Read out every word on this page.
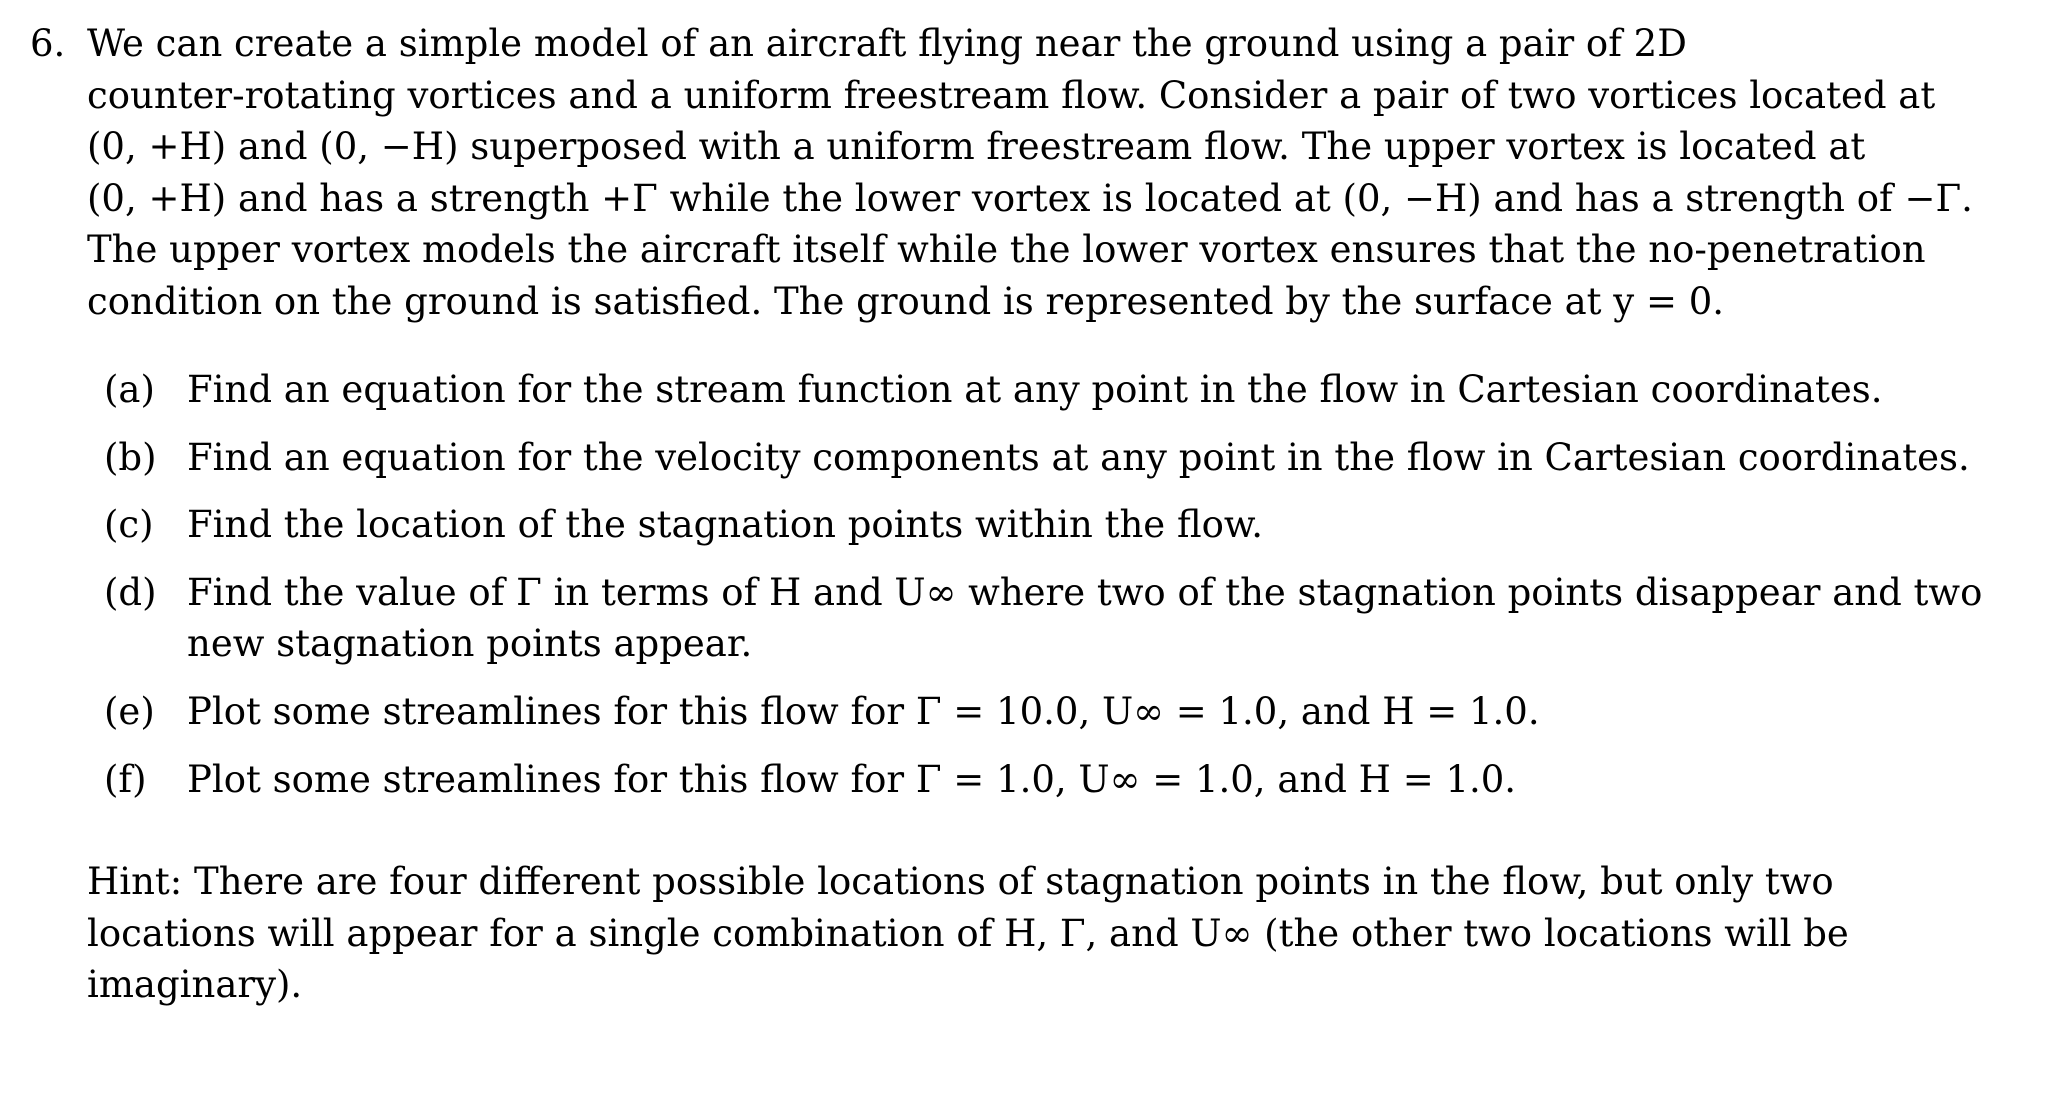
6. We can create a simple model of an aircraft flying near the ground using a pair of 2D
counter-rotating vortices and a uniform freestream flow. Consider a pair of two vortices located at
(0, +H) and (0, −H) superposed with a uniform freestream flow. The upper vortex is located at
(0, +H) and has a strength +Γ while the lower vortex is located at (0, −H) and has a strength of −Γ.
The upper vortex models the aircraft itself while the lower vortex ensures that the no-penetration
condition on the ground is satisfied. The ground is represented by the surface at y = 0.
(a) Find an equation for the stream function at any point in the flow in Cartesian coordinates.
(b) Find an equation for the velocity components at any point in the flow in Cartesian coordinates.
(c) Find the location of the stagnation points within the flow.
(d) Find the value of Γ in terms of H and U∞ where two of the stagnation points disappear and two
new stagnation points appear.
(e) Plot some streamlines for this flow for Γ = 10.0, U∞ = 1.0, and H = 1.0.
(f)	Plot some streamlines for this flow for Γ = 1.0, U∞ = 1.0, and H = 1.0.
Hint: There are four different possible locations of stagnation points in the flow, but only two
locations will appear for a single combination of H, Γ, and U∞ (the other two locations will be
imaginary).
